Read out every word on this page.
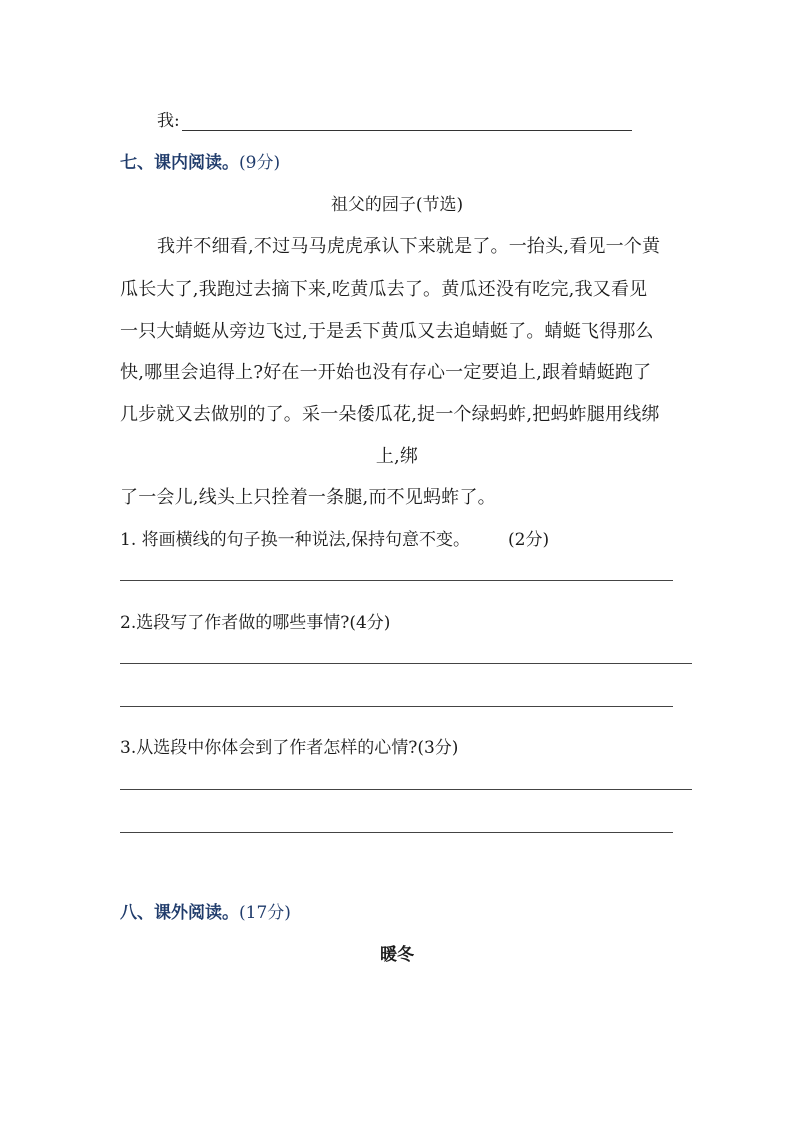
我:
七、课内阅读。(9分)
祖父的园子(节选)
我并不细看,不过马马虎虎承认下来就是了。一抬头,看见一个黄
瓜长大了,我跑过去摘下来,吃黄瓜去了。黄瓜还没有吃完,我又看见
一只大蜻蜓从旁边飞过,于是丢下黄瓜又去追蜻蜓了。蜻蜓飞得那么
快,哪里会追得上?好在一开始也没有存心一定要追上,跟着蜻蜓跑了
几步就又去做别的了。采一朵倭瓜花,捉一个绿蚂蚱,把蚂蚱腿用线绑
上,绑
了一会儿,线头上只拴着一条腿,而不见蚂蚱了。
1. 将画横线的句子换一种说法,保持句意不变。 (2分)
2.选段写了作者做的哪些事情?(4分)
3.从选段中你体会到了作者怎样的心情?(3分)
八、课外阅读。(17分)
暖冬
